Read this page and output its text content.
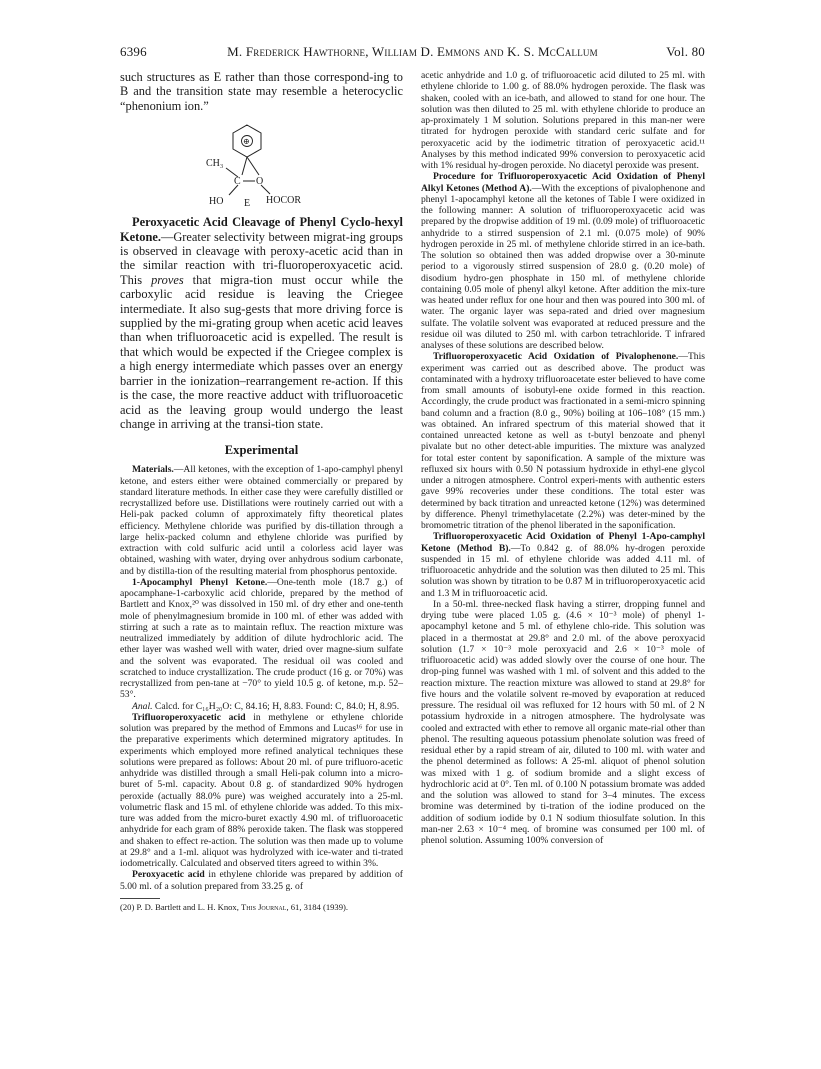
6396	M. Frederick Hawthorne, William D. Emmons and K. S. McCallum	Vol. 80

such structures as E rather than those correspond-ing to B and the transition state may resemble a heterocyclic “phenonium ion.”

⊕
CH₃
C O
HO E HOCOR

Peroxyacetic Acid Cleavage of Phenyl Cyclo-hexyl Ketone.—Greater selectivity between migrat-ing groups is observed in cleavage with peroxy-acetic acid than in the similar reaction with tri-fluoroperoxyacetic acid. This proves that migra-tion must occur while the carboxylic acid residue is leaving the Criegee intermediate. It also sug-gests that more driving force is supplied by the mi-grating group when acetic acid leaves than when trifluoroacetic acid is expelled. The result is that which would be expected if the Criegee complex is a high energy intermediate which passes over an energy barrier in the ionization–rearrangement re-action. If this is the case, the more reactive adduct with trifluoroacetic acid as the leaving group would undergo the least change in arriving at the transi-tion state.

Experimental

Materials.—All ketones, with the exception of 1-apo-camphyl phenyl ketone, and esters either were obtained commercially or prepared by standard literature methods. In either case they were carefully distilled or recrystallized before use. Distillations were routinely carried out with a Heli-pak packed column of approximately fifty theoretical plates efficiency. Methylene chloride was purified by dis-tillation through a large helix-packed column and ethylene chloride was purified by extraction with cold sulfuric acid until a colorless acid layer was obtained, washing with water, drying over anhydrous sodium carbonate, and by distilla-tion of the resulting material from phosphorus pentoxide.

1-Apocamphyl Phenyl Ketone.—One-tenth mole (18.7 g.) of apocamphane-1-carboxylic acid chloride, prepared by the method of Bartlett and Knox,²⁰ was dissolved in 150 ml. of dry ether and one-tenth mole of phenylmagnesium bromide in 100 ml. of ether was added with stirring at such a rate as to maintain reflux. The reaction mixture was neutralized immediately by addition of dilute hydrochloric acid. The ether layer was washed well with water, dried over magne-sium sulfate and the solvent was evaporated. The residual oil was cooled and scratched to induce crystallization. The crude product (16 g. or 70%) was recrystallized from pen-tane at −70° to yield 10.5 g. of ketone, m.p. 52–53°.

Anal. Calcd. for C₁₆H₂₀O: C, 84.16; H, 8.83. Found: C, 84.0; H, 8.95.

Trifluoroperoxyacetic acid in methylene or ethylene chloride solution was prepared by the method of Emmons and Lucas¹⁶ for use in the preparative experiments which determined migratory aptitudes. In experiments which employed more refined analytical techniques these solutions were prepared as follows: About 20 ml. of pure trifluoro-acetic anhydride was distilled through a small Heli-pak column into a micro-buret of 5-ml. capacity. About 0.8 g. of standardized 90% hydrogen peroxide (actually 88.0% pure) was weighed accurately into a 25-ml. volumetric flask and 15 ml. of ethylene chloride was added. To this mix-ture was added from the micro-buret exactly 4.90 ml. of trifluoroacetic anhydride for each gram of 88% peroxide taken. The flask was stoppered and shaken to effect re-action. The solution was then made up to volume at 29.8° and a 1-ml. aliquot was hydrolyzed with ice-water and ti-trated iodometrically. Calculated and observed titers agreed to within 3%.

Peroxyacetic acid in ethylene chloride was prepared by addition of 5.00 ml. of a solution prepared from 33.25 g. of

(20) P. D. Bartlett and L. H. Knox, This Journal, 61, 3184 (1939).

acetic anhydride and 1.0 g. of trifluoroacetic acid diluted to 25 ml. with ethylene chloride to 1.00 g. of 88.0% hydrogen peroxide. The flask was shaken, cooled with an ice-bath, and allowed to stand for one hour. The solution was then diluted to 25 ml. with ethylene chloride to produce an ap-proximately 1 M solution. Solutions prepared in this man-ner were titrated for hydrogen peroxide with standard ceric sulfate and for peroxyacetic acid by the iodimetric titration of peroxyacetic acid.¹¹ Analyses by this method indicated 99% conversion to peroxyacetic acid with 1% residual hy-drogen peroxide. No diacetyl peroxide was present.

Procedure for Trifluoroperoxyacetic Acid Oxidation of Phenyl Alkyl Ketones (Method A).—With the exceptions of pivalophenone and phenyl 1-apocamphyl ketone all the ketones of Table I were oxidized in the following manner: A solution of trifluoroperoxyacetic acid was prepared by the dropwise addition of 19 ml. (0.09 mole) of trifluoroacetic anhydride to a stirred suspension of 2.1 ml. (0.075 mole) of 90% hydrogen peroxide in 25 ml. of methylene chloride stirred in an ice-bath. The solution so obtained then was added dropwise over a 30-minute period to a vigorously stirred suspension of 28.0 g. (0.20 mole) of disodium hydro-gen phosphate in 150 ml. of methylene chloride containing 0.05 mole of phenyl alkyl ketone. After addition the mix-ture was heated under reflux for one hour and then was poured into 300 ml. of water. The organic layer was sepa-rated and dried over magnesium sulfate. The volatile solvent was evaporated at reduced pressure and the residue oil was diluted to 250 ml. with carbon tetrachloride. T infrared analyses of these solutions are described below.

Trifluoroperoxyacetic Acid Oxidation of Pivalophenone.—This experiment was carried out as described above. The product was contaminated with a hydroxy trifluoroacetate ester believed to have come from small amounts of isobutyl-ene oxide formed in this reaction. Accordingly, the crude product was fractionated in a semi-micro spinning band column and a fraction (8.0 g., 90%) boiling at 106–108° (15 mm.) was obtained. An infrared spectrum of this material showed that it contained unreacted ketone as well as t-butyl benzoate and phenyl pivalate but no other detect-able impurities. The mixture was analyzed for total ester content by saponification. A sample of the mixture was refluxed six hours with 0.50 N potassium hydroxide in ethyl-ene glycol under a nitrogen atmosphere. Control experi-ments with authentic esters gave 99% recoveries under these conditions. The total ester was determined by back titration and unreacted ketone (12%) was determined by difference. Phenyl trimethylacetate (2.2%) was deter-mined by the bromometric titration of the phenol liberated in the saponification.

Trifluoroperoxyacetic Acid Oxidation of Phenyl 1-Apo-camphyl Ketone (Method B).—To 0.842 g. of 88.0% hy-drogen peroxide suspended in 15 ml. of ethylene chloride was added 4.11 ml. of trifluoroacetic anhydride and the solution was then diluted to 25 ml. This solution was shown by titration to be 0.87 M in trifluoroperoxyacetic acid and 1.3 M in trifluoroacetic acid.

In a 50-ml. three-necked flask having a stirrer, dropping funnel and drying tube were placed 1.05 g. (4.6 × 10⁻³ mole) of phenyl 1-apocamphyl ketone and 5 ml. of ethylene chlo-ride. This solution was placed in a thermostat at 29.8° and 2.0 ml. of the above peroxyacid solution (1.7 × 10⁻³ mole peroxyacid and 2.6 × 10⁻³ mole of trifluoroacetic acid) was added slowly over the course of one hour. The drop-ping funnel was washed with 1 ml. of solvent and this added to the reaction mixture. The reaction mixture was allowed to stand at 29.8° for five hours and the volatile solvent re-moved by evaporation at reduced pressure. The residual oil was refluxed for 12 hours with 50 ml. of 2 N potassium hydroxide in a nitrogen atmosphere. The hydrolysate was cooled and extracted with ether to remove all organic mate-rial other than phenol. The resulting aqueous potassium phenolate solution was freed of residual ether by a rapid stream of air, diluted to 100 ml. with water and the phenol determined as follows: A 25-ml. aliquot of phenol solution was mixed with 1 g. of sodium bromide and a slight excess of hydrochloric acid at 0°. Ten ml. of 0.100 N potassium bromate was added and the solution was allowed to stand for 3–4 minutes. The excess bromine was determined by ti-tration of the iodine produced on the addition of sodium iodide by 0.1 N sodium thiosulfate solution. In this man-ner 2.63 × 10⁻⁴ meq. of bromine was consumed per 100 ml. of phenol solution. Assuming 100% conversion of
